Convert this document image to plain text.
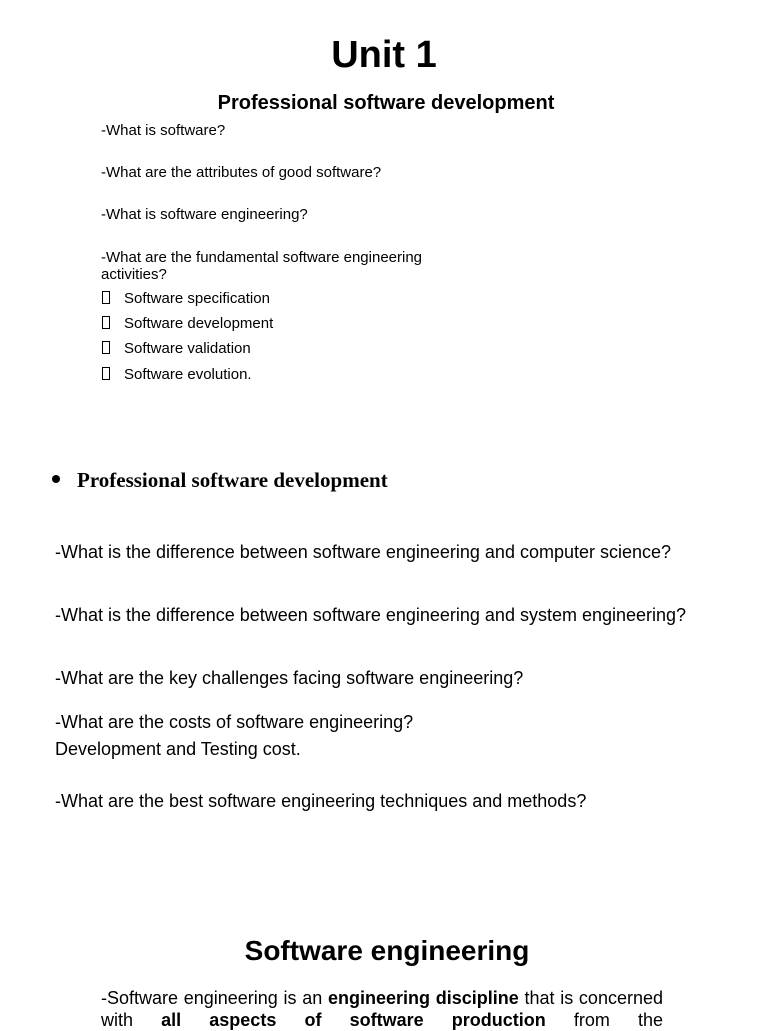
Unit 1
Professional software development
-What is software?
-What are the attributes of good software?
-What is software engineering?
-What are the fundamental software engineering
activities?
Software specification
Software development
Software validation
Software evolution.
Professional software development
-What is the difference between software engineering and computer science?
-What is the difference between software engineering and system engineering?
-What are the key challenges facing software engineering?
-What are the costs of software engineering?
Development and Testing cost.
-What are the best software engineering techniques and methods?
Software engineering
-Software engineering is an engineering discipline that is concerned with all aspects of software production from the
